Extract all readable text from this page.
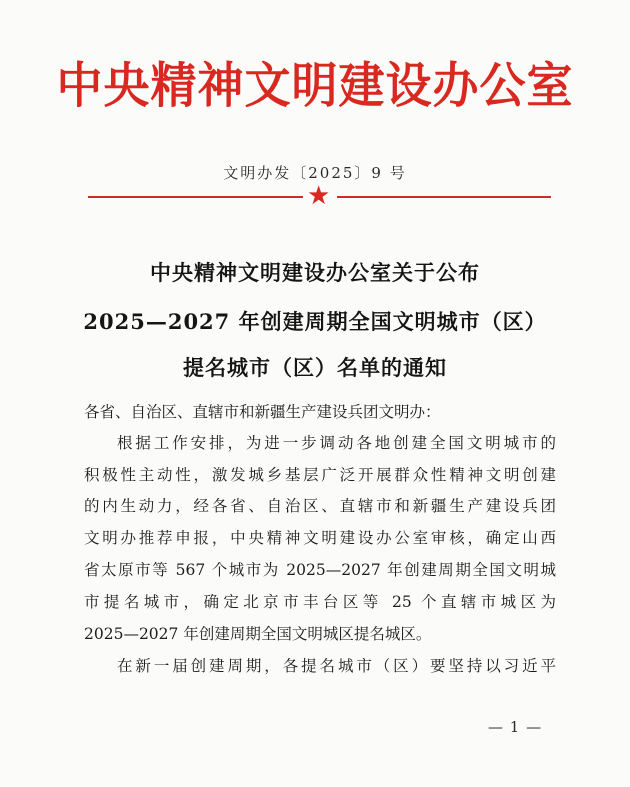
中央精神文明建设办公室
文明办发〔2025〕9 号
★
中央精神文明建设办公室关于公布
2025—2027 年创建周期全国文明城市（区）
提名城市（区）名单的通知
各省、自治区、直辖市和新疆生产建设兵团文明办：
根据工作安排，为进一步调动各地创建全国文明城市的
积极性主动性，激发城乡基层广泛开展群众性精神文明创建
的内生动力，经各省、自治区、直辖市和新疆生产建设兵团
文明办推荐申报，中央精神文明建设办公室审核，确定山西
省太原市等 567 个城市为 2025—2027 年创建周期全国文明城
市提名城市，确定北京市丰台区等 25 个直辖市城区为
2025—2027 年创建周期全国文明城区提名城区。
在新一届创建周期，各提名城市（区）要坚持以习近平
— 1 —
